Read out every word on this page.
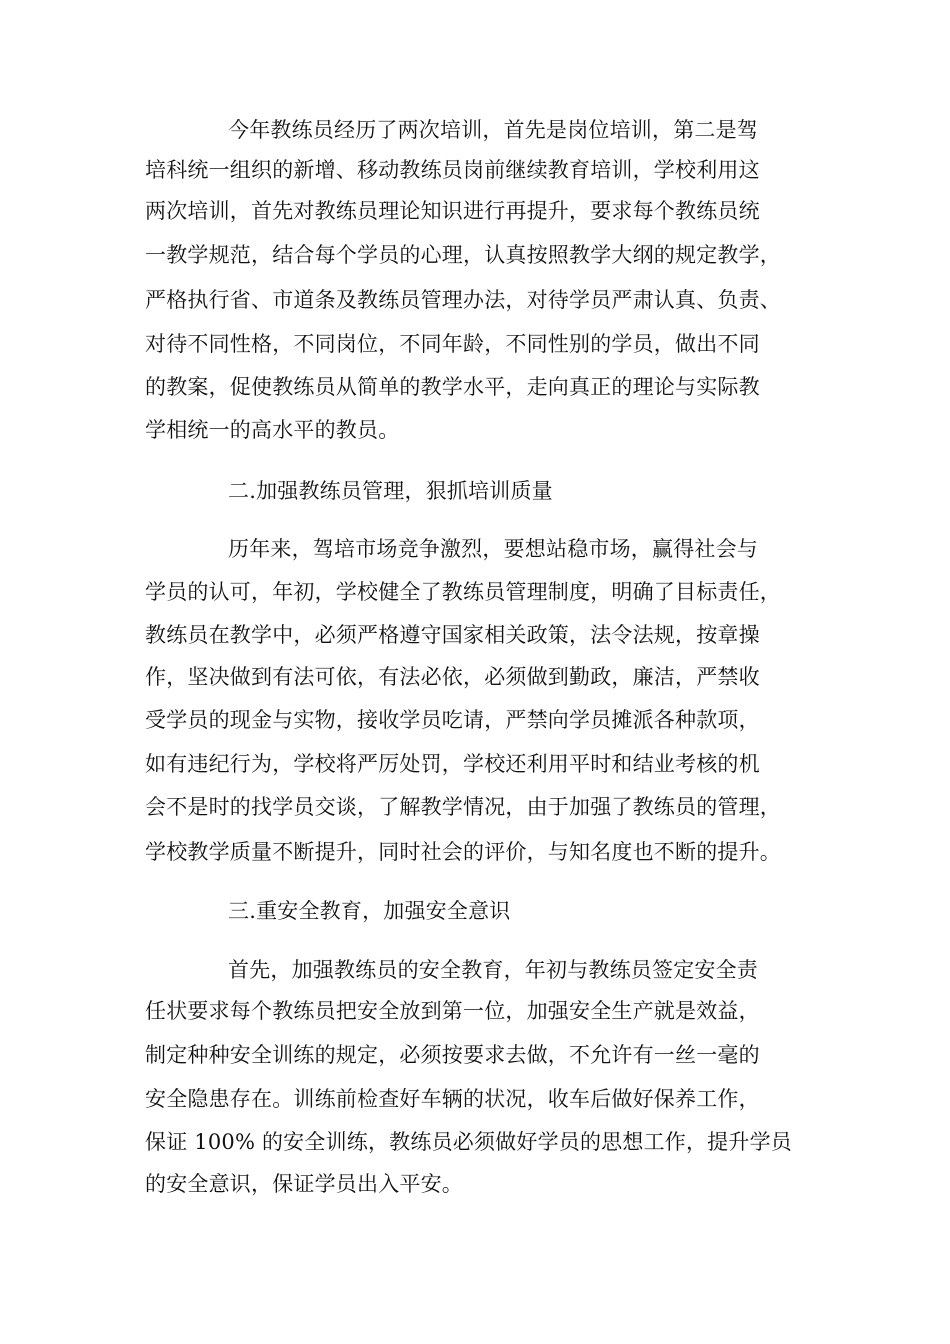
今年教练员经历了两次培训，首先是岗位培训，第二是驾
培科统一组织的新增、移动教练员岗前继续教育培训，学校利用这
两次培训，首先对教练员理论知识进行再提升，要求每个教练员统
一教学规范，结合每个学员的心理，认真按照教学大纲的规定教学，
严格执行省、市道条及教练员管理办法，对待学员严肃认真、负责、
对待不同性格，不同岗位，不同年龄，不同性别的学员，做出不同
的教案，促使教练员从简单的教学水平，走向真正的理论与实际教
学相统一的高水平的教员。
二.加强教练员管理，狠抓培训质量
历年来，驾培市场竞争激烈，要想站稳市场，赢得社会与
学员的认可，年初，学校健全了教练员管理制度，明确了目标责任，
教练员在教学中，必须严格遵守国家相关政策，法令法规，按章操
作，坚决做到有法可依，有法必依，必须做到勤政，廉洁，严禁收
受学员的现金与实物，接收学员吃请，严禁向学员摊派各种款项，
如有违纪行为，学校将严厉处罚，学校还利用平时和结业考核的机
会不是时的找学员交谈，了解教学情况，由于加强了教练员的管理，
学校教学质量不断提升，同时社会的评价，与知名度也不断的提升。
三.重安全教育，加强安全意识
首先，加强教练员的安全教育，年初与教练员签定安全责
任状要求每个教练员把安全放到第一位，加强安全生产就是效益，
制定种种安全训练的规定，必须按要求去做，不允许有一丝一毫的
安全隐患存在。训练前检查好车辆的状况，收车后做好保养工作，
保证 100% 的安全训练，教练员必须做好学员的思想工作，提升学员
的安全意识，保证学员出入平安。
